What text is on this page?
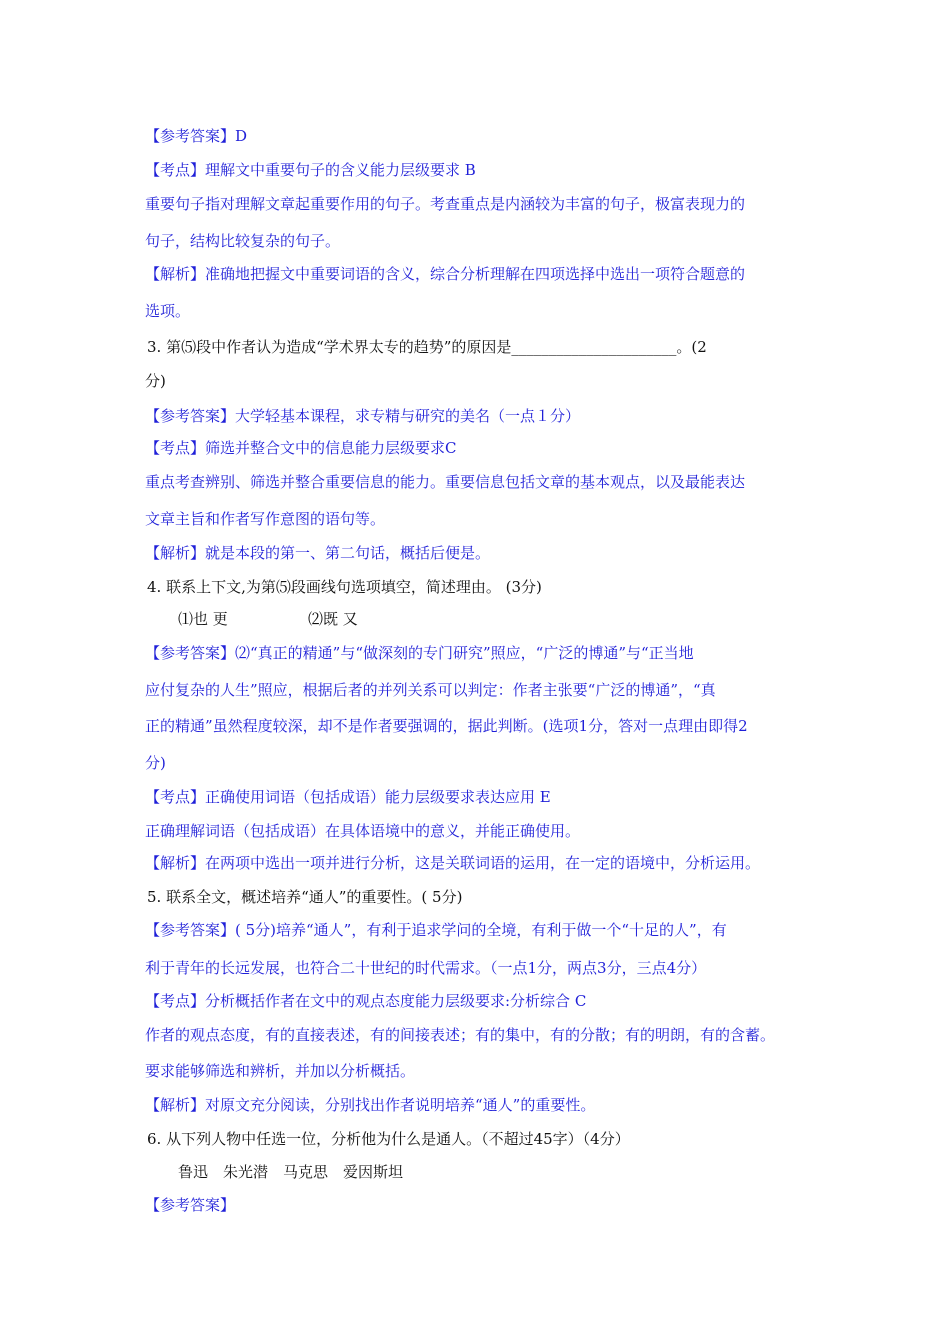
【参考答案】D
【考点】理解文中重要句子的含义能力层级要求 B
重要句子指对理解文章起重要作用的句子。考查重点是内涵较为丰富的句子，极富表现力的
句子，结构比较复杂的句子。
【解析】准确地把握文中重要词语的含义，综合分析理解在四项选择中选出一项符合题意的
选项。
3. 第⑸段中作者认为造成“学术界太专的趋势”的原因是______________________。(2
分)
【参考答案】大学轻基本课程，求专精与研究的美名（一点１分）
【考点】筛选并整合文中的信息能力层级要求C
重点考查辨别、筛选并整合重要信息的能力。重要信息包括文章的基本观点，以及最能表达
文章主旨和作者写作意图的语句等。
【解析】就是本段的第一、第二句话，概括后便是。
4. 联系上下文,为第⑸段画线句选项填空，简述理由。 (3分)
⑴也 更	⑵既 又
【参考答案】⑵“真正的精通”与“做深刻的专门研究”照应，“广泛的博通”与“正当地
应付复杂的人生”照应，根据后者的并列关系可以判定：作者主张要“广泛的博通”，“真
正的精通”虽然程度较深，却不是作者要强调的，据此判断。(选项1分，答对一点理由即得2
分)
【考点】正确使用词语（包括成语）能力层级要求表达应用 E
正确理解词语（包括成语）在具体语境中的意义，并能正确使用。
【解析】在两项中选出一项并进行分析，这是关联词语的运用，在一定的语境中，分析运用。
5. 联系全文，概述培养“通人”的重要性。( 5分)
【参考答案】( 5分)培养“通人”，有利于追求学问的全境，有利于做一个“十足的人”，有
利于青年的长远发展，也符合二十世纪的时代需求。（一点1分，两点3分，三点4分）
【考点】分析概括作者在文中的观点态度能力层级要求:分析综合 C
作者的观点态度，有的直接表述，有的间接表述；有的集中，有的分散；有的明朗，有的含蓄。
要求能够筛选和辨析，并加以分析概括。
【解析】对原文充分阅读，分别找出作者说明培养“通人”的重要性。
6. 从下列人物中任选一位，分析他为什么是通人。（不超过45字）（4分）
鲁迅　朱光潜　马克思　爱因斯坦
【参考答案】
